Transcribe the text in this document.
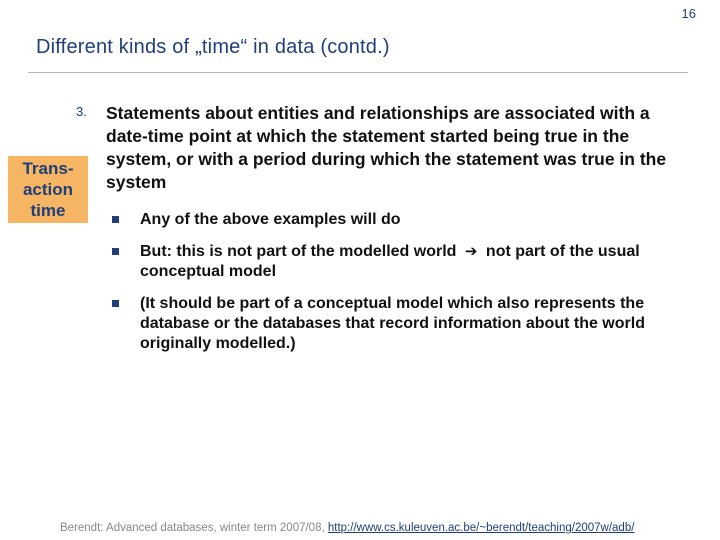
16
Different kinds of „time“ in data (contd.)
Trans-
action
time
3. Statements about entities and relationships are associated with a date-time point at which the statement started being true in the system, or with a period during which the statement was true in the system
Any of the above examples will do
But: this is not part of the modelled world ➔ not part of the usual conceptual model
(It should be part of a conceptual model which also represents the database or the databases that record information about the world originally modelled.)
Berendt: Advanced databases, winter term 2007/08, http://www.cs.kuleuven.ac.be/~berendt/teaching/2007w/adb/
